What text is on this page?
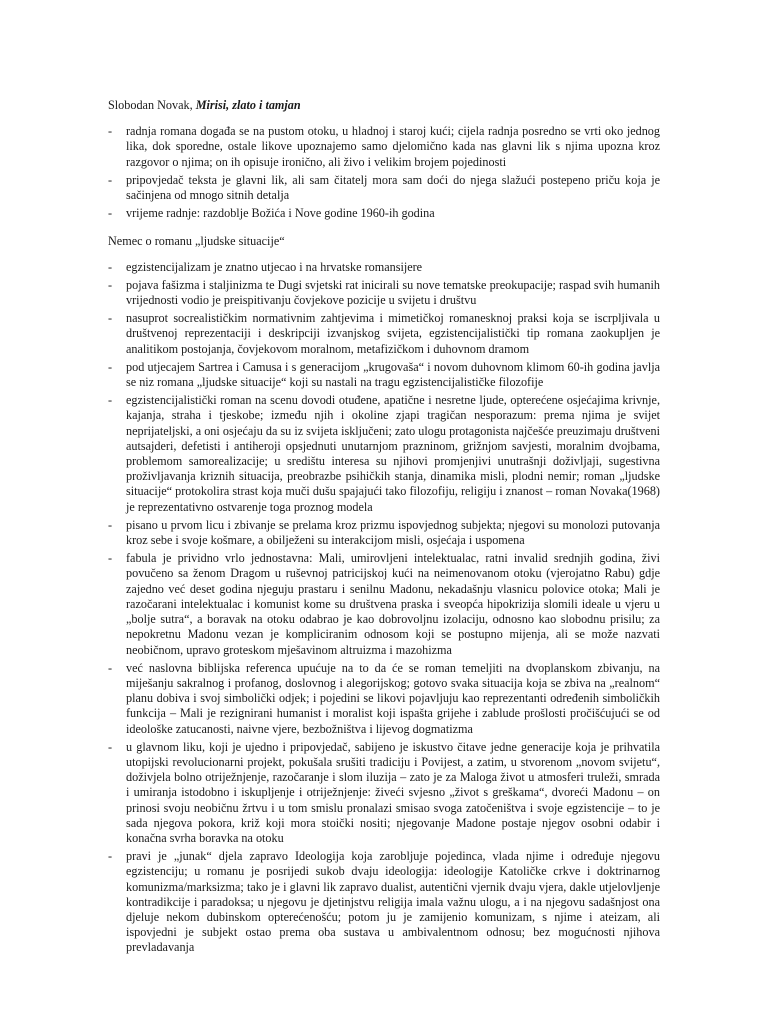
Slobodan Novak, Mirisi, zlato i tamjan
- radnja romana događa se na pustom otoku, u hladnoj i staroj kući; cijela radnja posredno se vrti oko jednog lika, dok sporedne, ostale likove upoznajemo samo djelomično kada nas glavni lik s njima upozna kroz razgovor o njima; on ih opisuje ironično, ali živo i velikim brojem pojedinosti
- pripovjedač teksta je glavni lik, ali sam čitatelj mora sam doći do njega slažući postepeno priču koja je sačinjena od mnogo sitnih detalja
- vrijeme radnje: razdoblje Božića i Nove godine 1960-ih godina
Nemec o romanu „ljudske situacije“
- egzistencijalizam je znatno utjecao i na hrvatske romansijere
- pojava fašizma i staljinizma te Dugi svjetski rat inicirali su nove tematske preokupacije; raspad svih humanih vrijednosti vodio je preispitivanju čovjekove pozicije u svijetu i društvu
- nasuprot socrealističkim normativnim zahtjevima i mimetičkoj romanesknoj praksi koja se iscrpljivala u društvenoj reprezentaciji i deskripciji izvanjskog svijeta, egzistencijalistički tip romana zaokupljen je analitikom postojanja, čovjekovom moralnom, metafizičkom i duhovnom dramom
- pod utjecajem Sartrea i Camusa i s generacijom „krugovaša“ i novom duhovnom klimom 60-ih godina javlja se niz romana „ljudske situacije“ koji su nastali na tragu egzistencijalističke filozofije
- egzistencijalistički roman na scenu dovodi otuđene, apatične i nesretne ljude, opterećene osjećajima krivnje, kajanja, straha i tjeskobe; između njih i okoline zjapi tragičan nesporazum: prema njima je svijet neprijateljski, a oni osjećaju da su iz svijeta isključeni; zato ulogu protagonista najčešće preuzimaju društveni autsajderi, defetisti i antiheroji opsjednuti unutarnjom prazninom, grižnjom savjesti, moralnim dvojbama, problemom samorealizacije; u središtu interesa su njihovi promjenjivi unutrašnji doživljaji, sugestivna proživljavanja kriznih situacija, preobrazbe psihičkih stanja, dinamika misli, plodni nemir; roman „ljudske situacije“ protokolira strast koja muči dušu spajajući tako filozofiju, religiju i znanost – roman Novaka(1968) je reprezentativno ostvarenje toga proznog modela
- pisano u prvom licu i zbivanje se prelama kroz prizmu ispovjednog subjekta; njegovi su monolozi putovanja kroz sebe i svoje košmare, a obilježeni su interakcijom misli, osjećaja i uspomena
- fabula je prividno vrlo jednostavna: Mali, umirovljeni intelektualac, ratni invalid srednjih godina, živi povučeno sa ženom Dragom u ruševnoj patricijskoj kući na neimenovanom otoku (vjerojatno Rabu) gdje zajedno već deset godina njeguju prastaru i senilnu Madonu, nekadašnju vlasnicu polovice otoka; Mali je razočarani intelektualac i komunist kome su društvena praska i sveopća hipokrizija slomili ideale u vjeru u „bolje sutra“, a boravak na otoku odabrao je kao dobrovoljnu izolaciju, odnosno kao slobodnu prisilu; za nepokretnu Madonu vezan je kompliciranim odnosom koji se postupno mijenja, ali se može nazvati neobičnom, upravo groteskom mješavinom altruizma i mazohizma
- već naslovna biblijska referenca upućuje na to da će se roman temeljiti na dvoplanskom zbivanju, na miješanju sakralnog i profanog, doslovnog i alegorijskog; gotovo svaka situacija koja se zbiva na „realnom“ planu dobiva i svoj simbolički odjek; i pojedini se likovi pojavljuju kao reprezentanti određenih simboličkih funkcija – Mali je rezignirani humanist i moralist koji ispašta grijehe i zablude prošlosti pročišćujući se od ideološke zatucanosti, naivne vjere, bezbožništva i lijevog dogmatizma
- u glavnom liku, koji je ujedno i pripovjedač, sabijeno je iskustvo čitave jedne generacije koja je prihvatila utopijski revolucionarni projekt, pokušala srušiti tradiciju i Povijest, a zatim, u stvorenom „novom svijetu“, doživjela bolno otriježnjenje, razočaranje i slom iluzija – zato je za Maloga život u atmosferi truleži, smrada i umiranja istodobno i iskupljenje i otriježnjenje: živeći svjesno „život s greškama“, dvoreći Madonu – on prinosi svoju neobičnu žrtvu i u tom smislu pronalazi smisao svoga zatočeništva i svoje egzistencije – to je sada njegova pokora, križ koji mora stoički nositi; njegovanje Madone postaje njegov osobni odabir i konačna svrha boravka na otoku
- pravi je „junak“ djela zapravo Ideologija koja zarobljuje pojedinca, vlada njime i određuje njegovu egzistenciju; u romanu je posrijedi sukob dvaju ideologija: ideologije Katoličke crkve i doktrinarnog komunizma/marksizma; tako je i glavni lik zapravo dualist, autentični vjernik dvaju vjera, dakle utjelovljenje kontradikcije i paradoksa; u njegovu je djetinjstvu religija imala važnu ulogu, a i na njegovu sadašnjost ona djeluje nekom dubinskom opterećenošću; potom ju je zamijenio komunizam, s njime i ateizam, ali ispovjedni je subjekt ostao prema oba sustava u ambivalentnom odnosu; bez mogućnosti njihova prevladavanja
